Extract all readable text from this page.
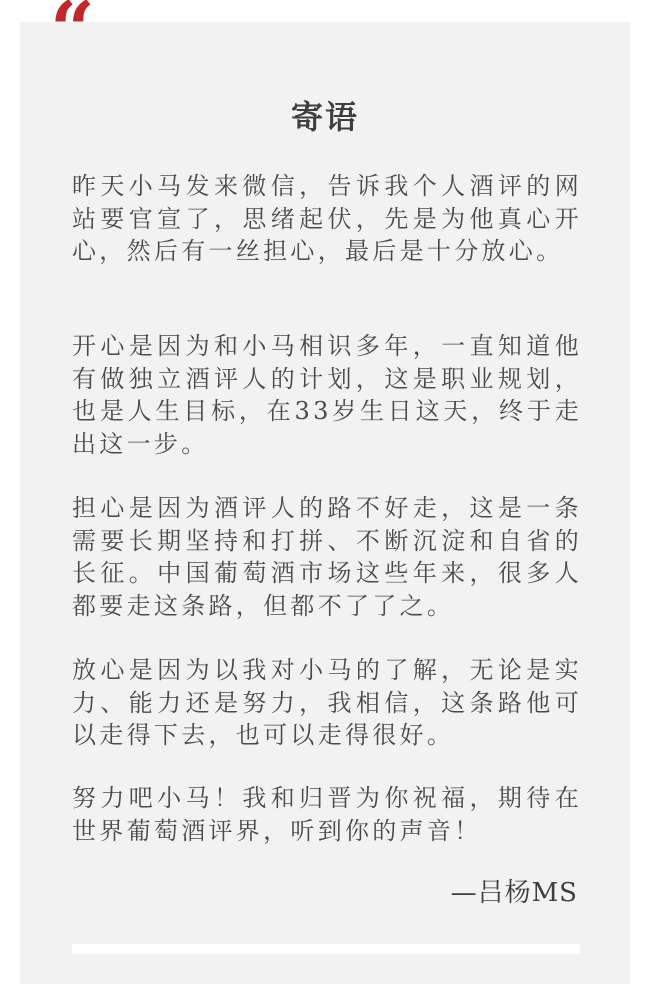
寄语

昨天小马发来微信，告诉我个人酒评的网站要官宣了，思绪起伏，先是为他真心开心，然后有一丝担心，最后是十分放心。

开心是因为和小马相识多年，一直知道他有做独立酒评人的计划，这是职业规划，也是人生目标，在33岁生日这天，终于走出这一步。

担心是因为酒评人的路不好走，这是一条需要长期坚持和打拼、不断沉淀和自省的长征。中国葡萄酒市场这些年来，很多人都要走这条路，但都不了了之。

放心是因为以我对小马的了解，无论是实力、能力还是努力，我相信，这条路他可以走得下去，也可以走得很好。

努力吧小马！我和归晋为你祝福，期待在世界葡萄酒评界，听到你的声音！

—吕杨MS
